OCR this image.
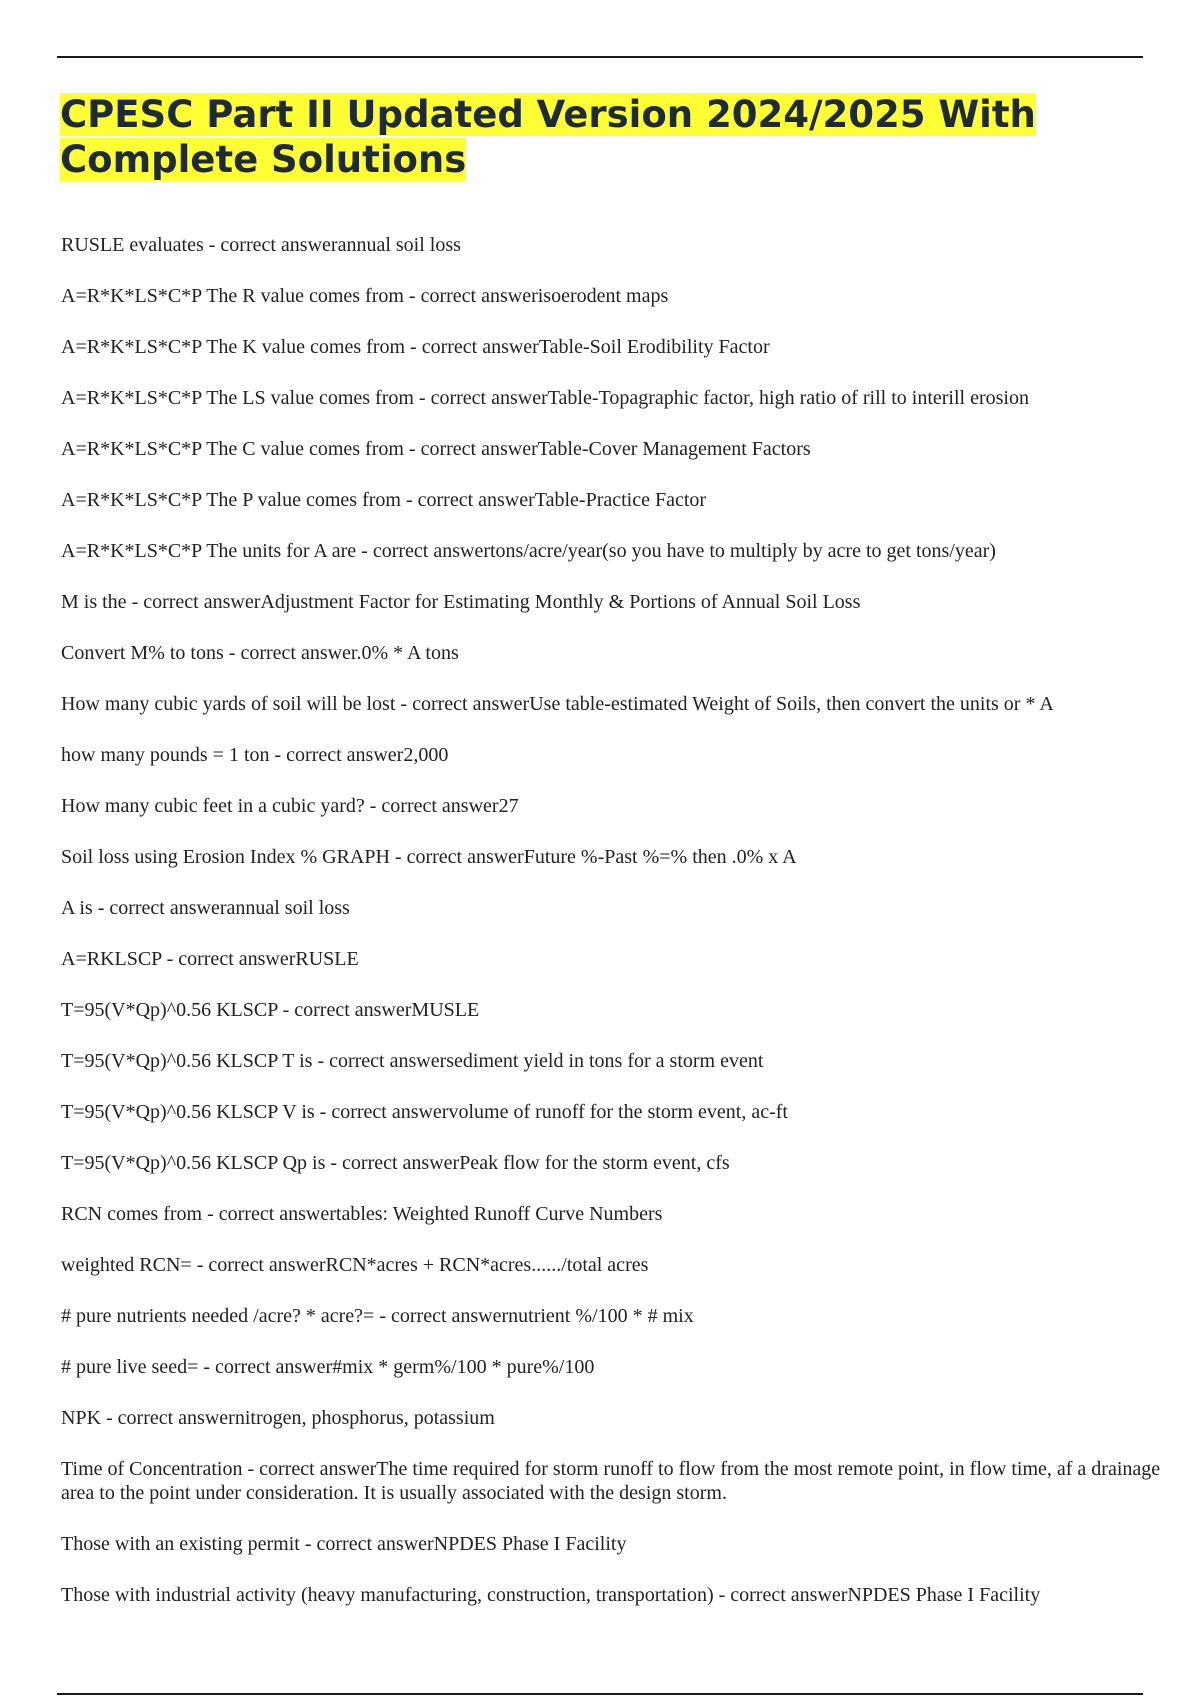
CPESC Part II Updated Version 2024/2025 With Complete Solutions
RUSLE evaluates - correct answerannual soil loss
A=R*K*LS*C*P The R value comes from - correct answerisoerodent maps
A=R*K*LS*C*P The K value comes from - correct answerTable-Soil Erodibility Factor
A=R*K*LS*C*P The LS value comes from - correct answerTable-Topagraphic factor, high ratio of rill to interill erosion
A=R*K*LS*C*P The C value comes from - correct answerTable-Cover Management Factors
A=R*K*LS*C*P The P value comes from - correct answerTable-Practice Factor
A=R*K*LS*C*P The units for A are - correct answertons/acre/year(so you have to multiply by acre to get tons/year)
M is the - correct answerAdjustment Factor for Estimating Monthly & Portions of Annual Soil Loss
Convert M% to tons - correct answer.0% * A tons
How many cubic yards of soil will be lost - correct answerUse table-estimated Weight of Soils, then convert the units or * A
how many pounds = 1 ton - correct answer2,000
How many cubic feet in a cubic yard? - correct answer27
Soil loss using Erosion Index % GRAPH - correct answerFuture %-Past %=% then .0% x A
A is - correct answerannual soil loss
A=RKLSCP - correct answerRUSLE
T=95(V*Qp)^0.56 KLSCP - correct answerMUSLE
T=95(V*Qp)^0.56 KLSCP T is - correct answersediment yield in tons for a storm event
T=95(V*Qp)^0.56 KLSCP V is - correct answervolume of runoff for the storm event, ac-ft
T=95(V*Qp)^0.56 KLSCP Qp is - correct answerPeak flow for the storm event, cfs
RCN comes from - correct answertables: Weighted Runoff Curve Numbers
weighted RCN= - correct answerRCN*acres + RCN*acres....../total acres
# pure nutrients needed /acre? * acre?= - correct answernutrient %/100 * # mix
# pure live seed= - correct answer#mix * germ%/100 * pure%/100
NPK - correct answernitrogen, phosphorus, potassium
Time of Concentration - correct answerThe time required for storm runoff to flow from the most remote point, in flow time, af a drainage area to the point under consideration. It is usually associated with the design storm.
Those with an existing permit - correct answerNPDES Phase I Facility
Those with industrial activity (heavy manufacturing, construction, transportation) - correct answerNPDES Phase I Facility
